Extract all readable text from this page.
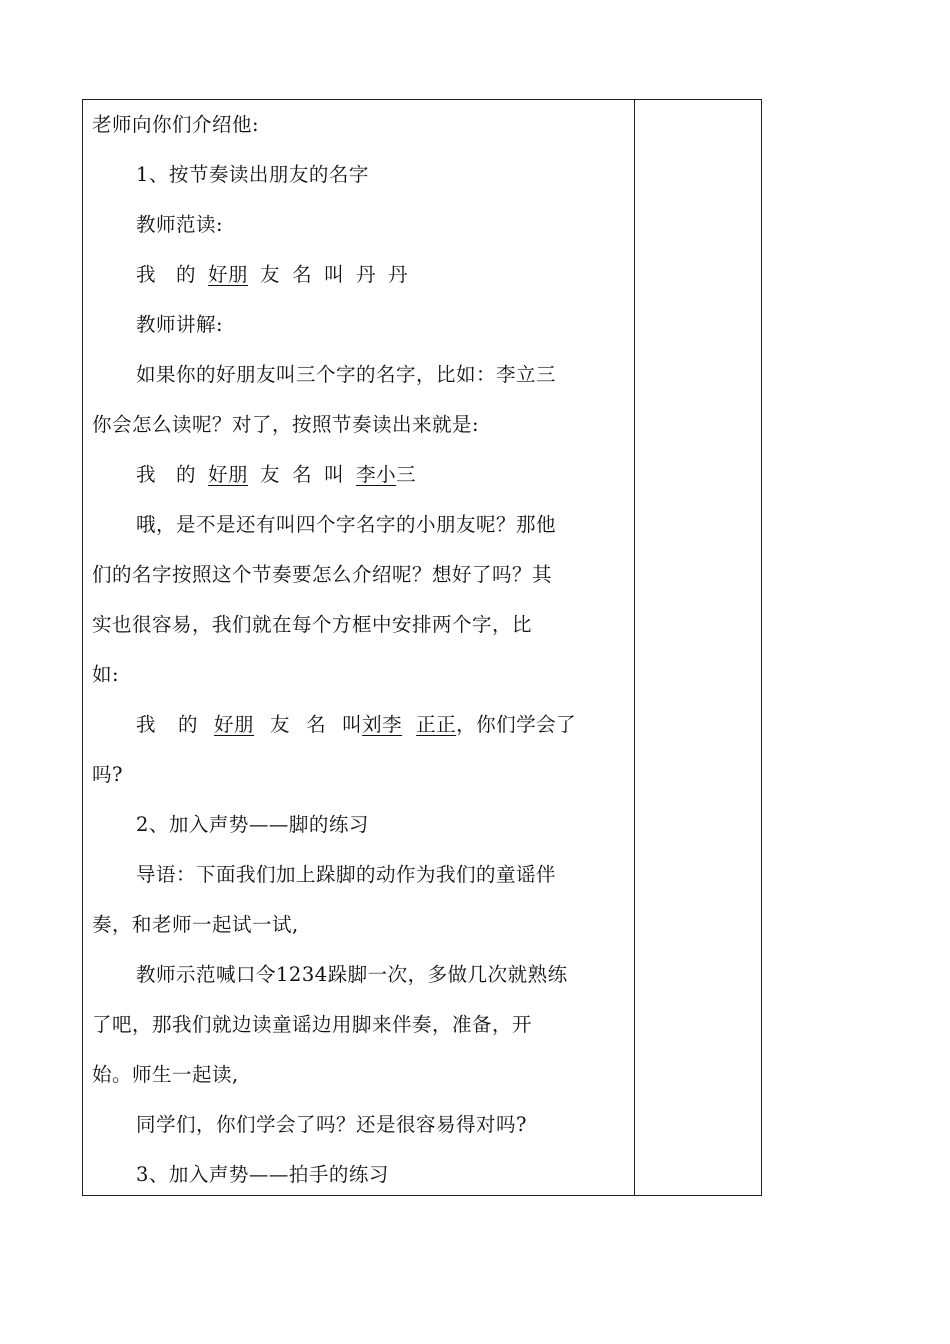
老师向你们介绍他:
1、按节奏读出朋友的名字
教师范读:
我 的 好朋 友 名 叫 丹 丹
教师讲解:
如果你的好朋友叫三个字的名字，比如：李立三
你会怎么读呢？对了，按照节奏读出来就是:
我 的 好朋 友 名 叫 李小三
哦，是不是还有叫四个字名字的小朋友呢？那他
们的名字按照这个节奏要怎么介绍呢？想好了吗？其
实也很容易，我们就在每个方框中安排两个字，比
如:
我 的 好朋 友 名 叫刘李 正正，你们学会了
吗?
2、加入声势——脚的练习
导语：下面我们加上跺脚的动作为我们的童谣伴
奏，和老师一起试一试,
教师示范喊口令1234跺脚一次，多做几次就熟练
了吧，那我们就边读童谣边用脚来伴奏，准备，开
始。师生一起读,
同学们，你们学会了吗？还是很容易得对吗?
3、加入声势——拍手的练习
